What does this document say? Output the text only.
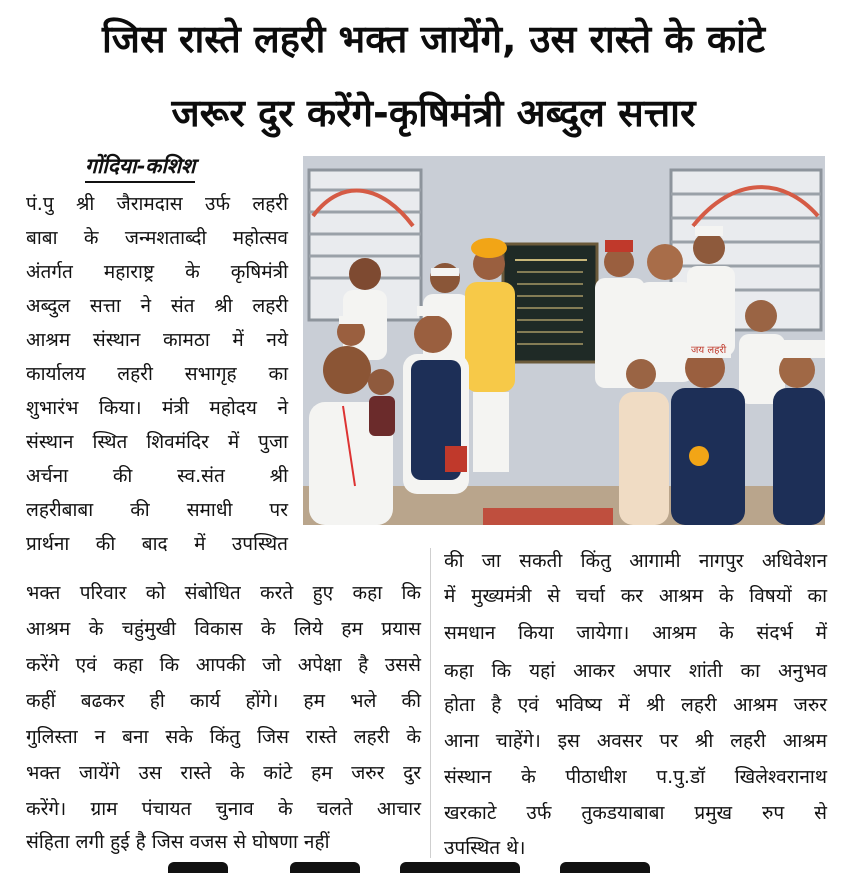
जिस रास्ते लहरी भक्त जायेंगे, उस रास्ते के कांटे
जरूर दुर करेंगे-कृषिमंत्री अब्दुल सत्तार
गोंदिया-कशिश
पं.पु श्री जैरामदास उर्फ लहरी
बाबा के जन्मशताब्दी महोत्सव
अंतर्गत महाराष्ट्र के कृषिमंत्री
अब्दुल सत्ता ने संत श्री लहरी
आश्रम संस्थान कामठा में नये
कार्यालय लहरी सभागृह का
शुभारंभ किया। मंत्री महोदय ने
संस्थान स्थित शिवमंदिर में पुजा
अर्चना की स्व.संत श्री
लहरीबाबा की समाधी पर
प्रार्थना की बाद में उपस्थित
जय लहरी
भक्त परिवार को संबोधित करते हुए कहा कि
आश्रम के चहुंमुखी विकास के लिये हम प्रयास
करेंगे एवं कहा कि आपकी जो अपेक्षा है उससे
कहीं बढकर ही कार्य होंगे। हम भले की
गुलिस्ता न बना सके किंतु जिस रास्ते लहरी के
भक्त जायेंगे उस रास्ते के कांटे हम जरुर दुर
करेंगे। ग्राम पंचायत चुनाव के चलते आचार
संहिता लगी हुई है जिस वजस से घोषणा नहीं
की जा सकती किंतु आगामी नागपुर अधिवेशन
में मुख्यमंत्री से चर्चा कर आश्रम के विषयों का
समधान किया जायेगा। आश्रम के संदर्भ में
कहा कि यहां आकर अपार शांती का अनुभव
होता है एवं भविष्य में श्री लहरी आश्रम जरुर
आना चाहेंगे। इस अवसर पर श्री लहरी आश्रम
संस्थान के पीठाधीश प.पु.डॉ खिलेश्वरानाथ
खरकाटे उर्फ तुकडयाबाबा प्रमुख रुप से
उपस्थित थे।
